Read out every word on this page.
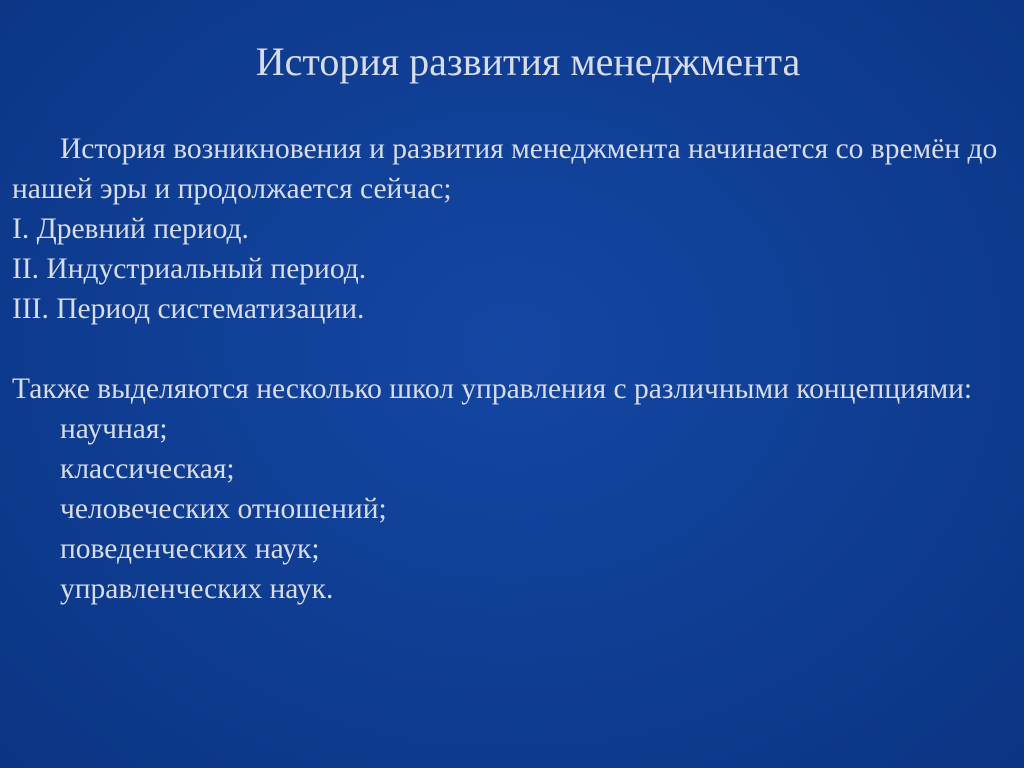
История развития менеджмента

История возникновения и развития менеджмента начинается со времён до нашей эры и продолжается сейчас;

I. Древний период.
II. Индустриальный период.
III. Период систематизации.

Также выделяются несколько школ управления с различными концепциями:

научная;
классическая;
человеческих отношений;
поведенческих наук;
управленческих наук.
